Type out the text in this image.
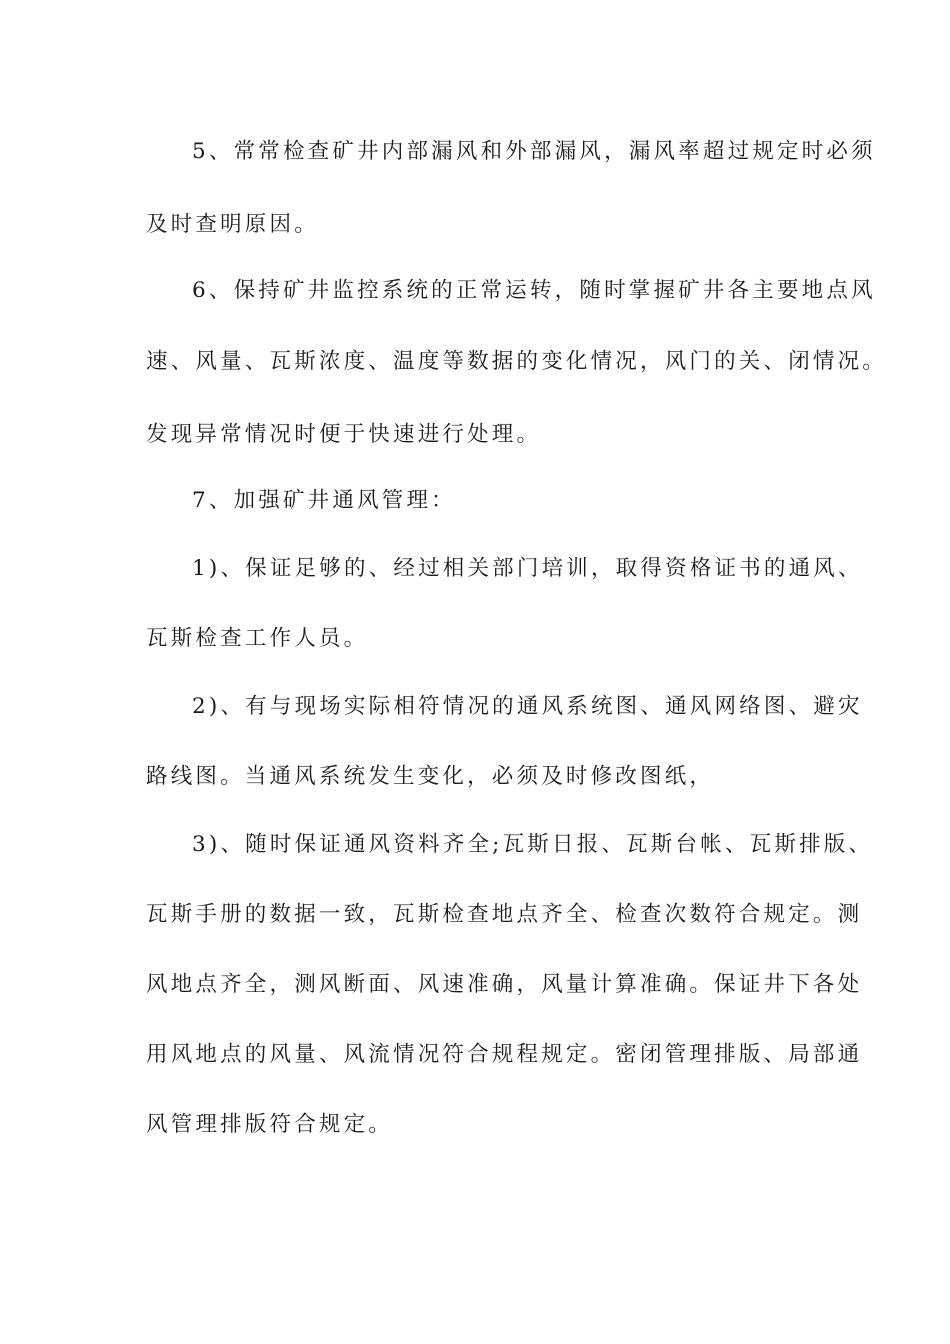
5、常常检查矿井内部漏风和外部漏风，漏风率超过规定时必须
及时查明原因。
6、保持矿井监控系统的正常运转，随时掌握矿井各主要地点风
速、风量、瓦斯浓度、温度等数据的变化情况，风门的关、闭情况。
发现异常情况时便于快速进行处理。
7、加强矿井通风管理：
1)、保证足够的、经过相关部门培训，取得资格证书的通风、
瓦斯检查工作人员。
2)、有与现场实际相符情况的通风系统图、通风网络图、避灾
路线图。当通风系统发生变化，必须及时修改图纸，
3)、随时保证通风资料齐全;瓦斯日报、瓦斯台帐、瓦斯排版、
瓦斯手册的数据一致，瓦斯检查地点齐全、检查次数符合规定。测
风地点齐全，测风断面、风速准确，风量计算准确。保证井下各处
用风地点的风量、风流情况符合规程规定。密闭管理排版、局部通
风管理排版符合规定。
